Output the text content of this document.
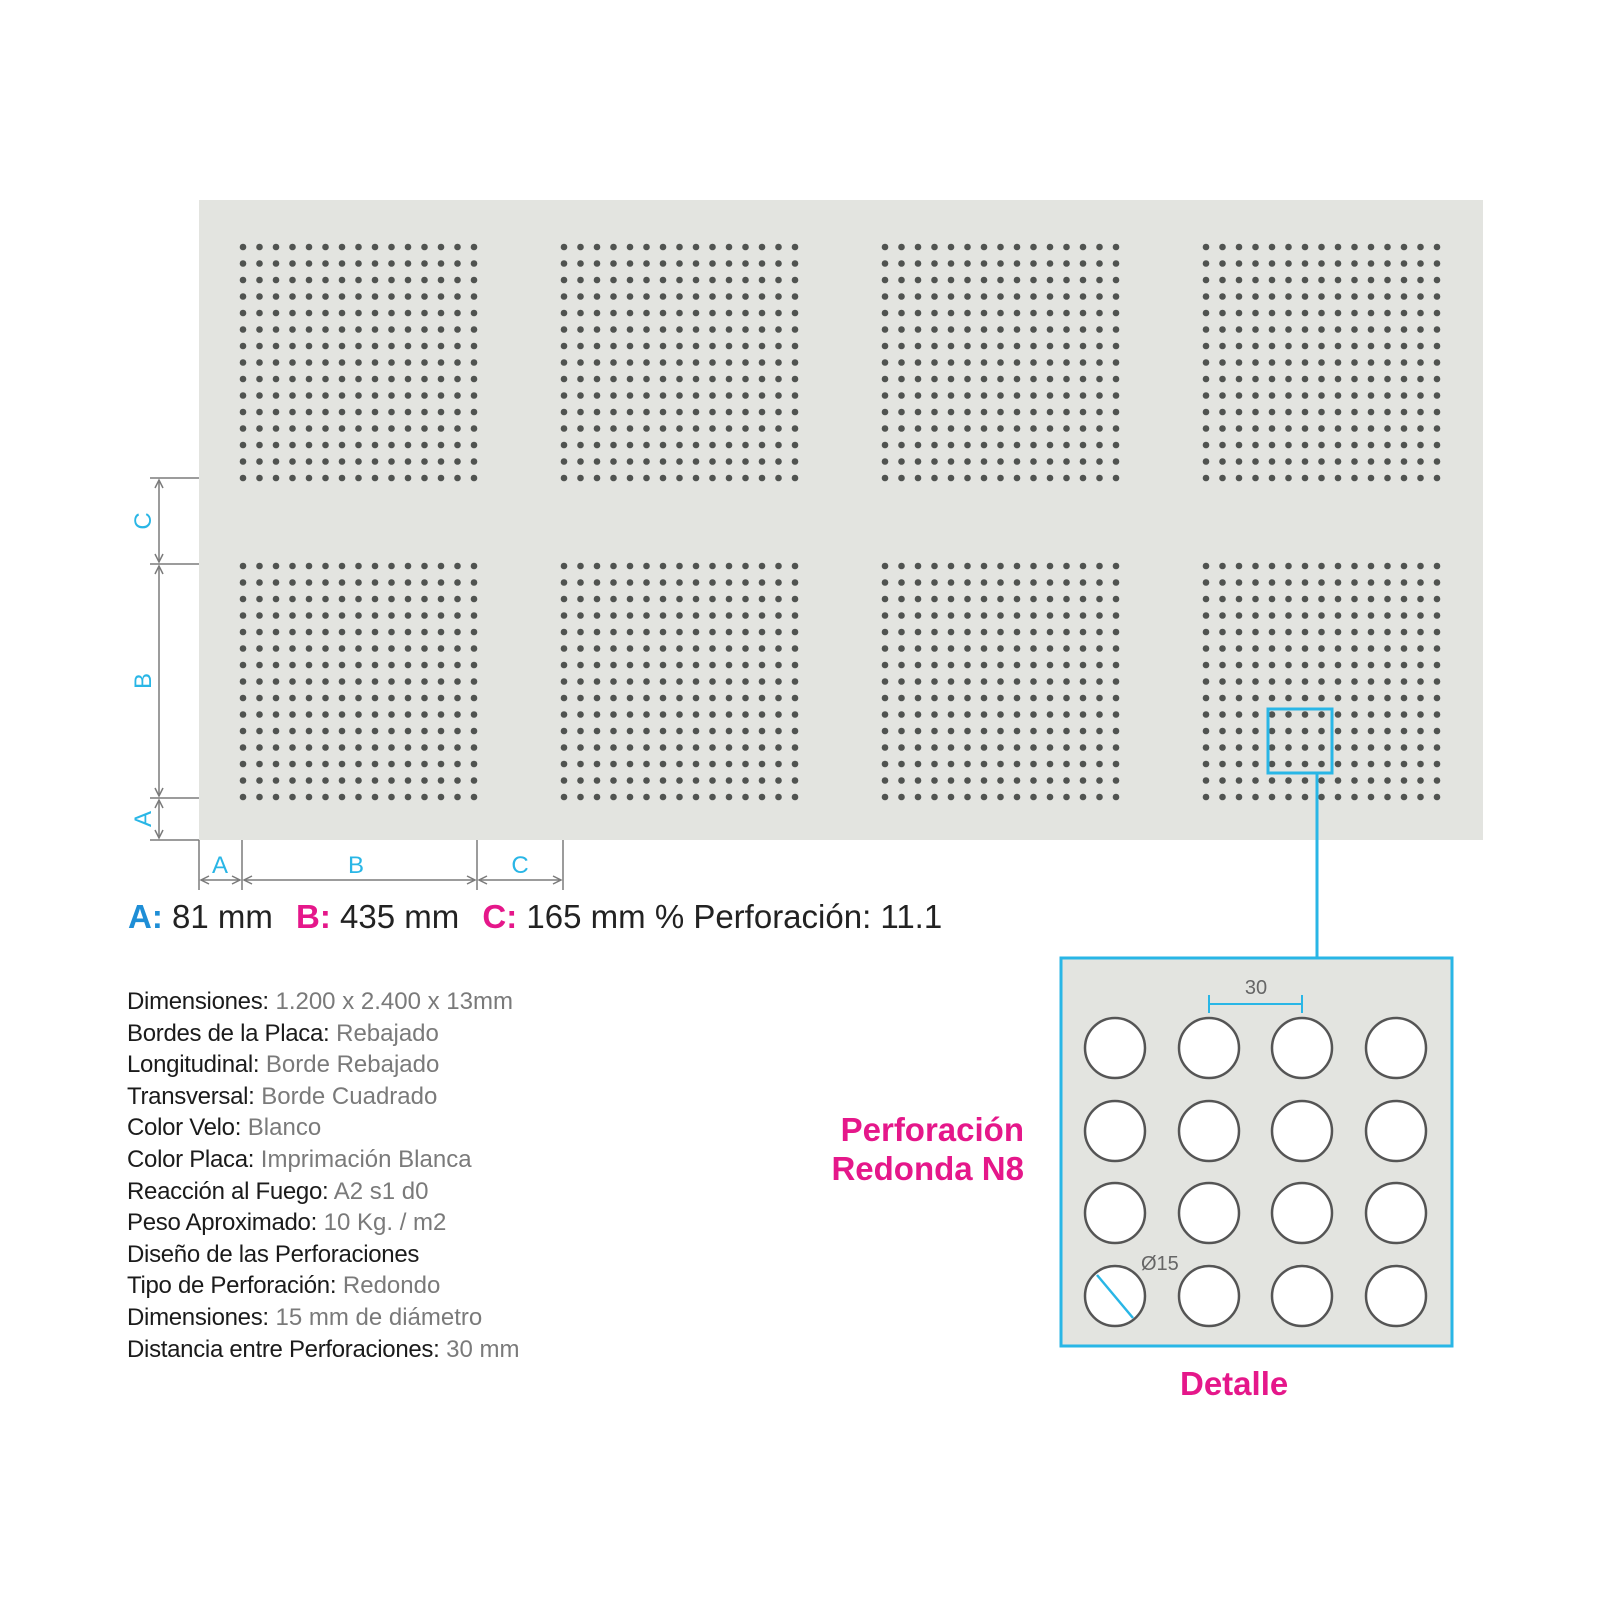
C
B
A
A	B	C
30
Ø15
A: 81 mm B: 435 mm C: 165 mm % Perforación: 11.1
Dimensiones: 1.200 x 2.400 x 13mm
Bordes de la Placa: Rebajado
Longitudinal: Borde Rebajado
Transversal: Borde Cuadrado
Color Velo: Blanco
Color Placa: Imprimación Blanca
Reacción al Fuego: A2 s1 d0
Peso Aproximado: 10 Kg. / m2
Diseño de las Perforaciones
Tipo de Perforación: Redondo
Dimensiones: 15 mm de diámetro
Distancia entre Perforaciones: 30 mm
Perforación
Redonda N8
Detalle
